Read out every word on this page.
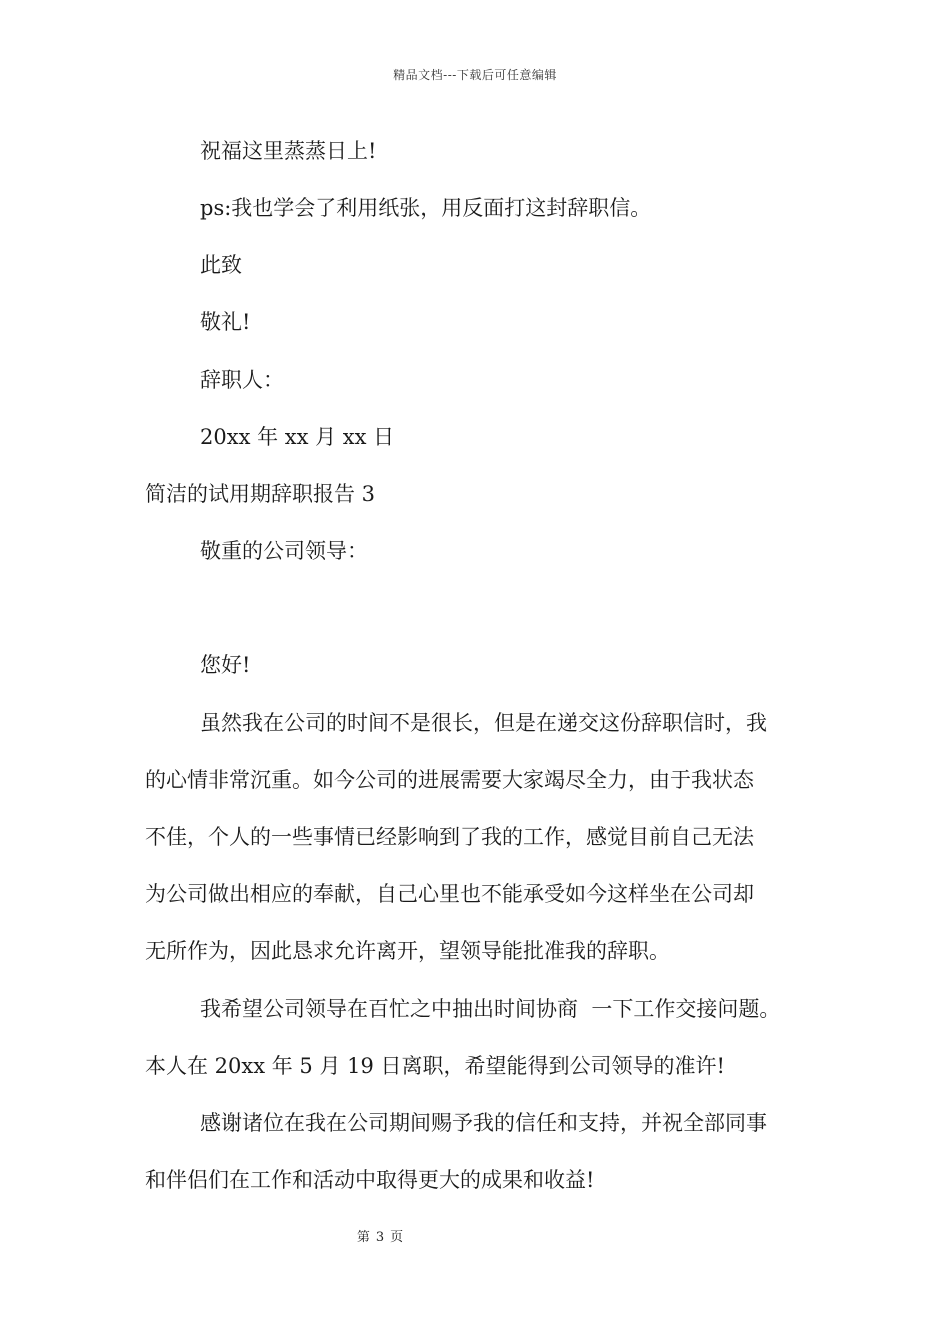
精品文档---下载后可任意编辑
祝福这里蒸蒸日上!
ps:我也学会了利用纸张，用反面打这封辞职信。
此致
敬礼!
辞职人：
20xx 年 xx 月 xx 日
简洁的试用期辞职报告 3
敬重的公司领导：
您好!
虽然我在公司的时间不是很长，但是在递交这份辞职信时，我
的心情非常沉重。如今公司的进展需要大家竭尽全力，由于我状态
不佳，个人的一些事情已经影响到了我的工作，感觉目前自己无法
为公司做出相应的奉献，自己心里也不能承受如今这样坐在公司却
无所作为，因此恳求允许离开，望领导能批准我的辞职。
我希望公司领导在百忙之中抽出时间协商  一下工作交接问题。
本人在 20xx 年 5 月 19 日离职，希望能得到公司领导的准许!
感谢诸位在我在公司期间赐予我的信任和支持，并祝全部同事
和伴侣们在工作和活动中取得更大的成果和收益!
第 3 页
